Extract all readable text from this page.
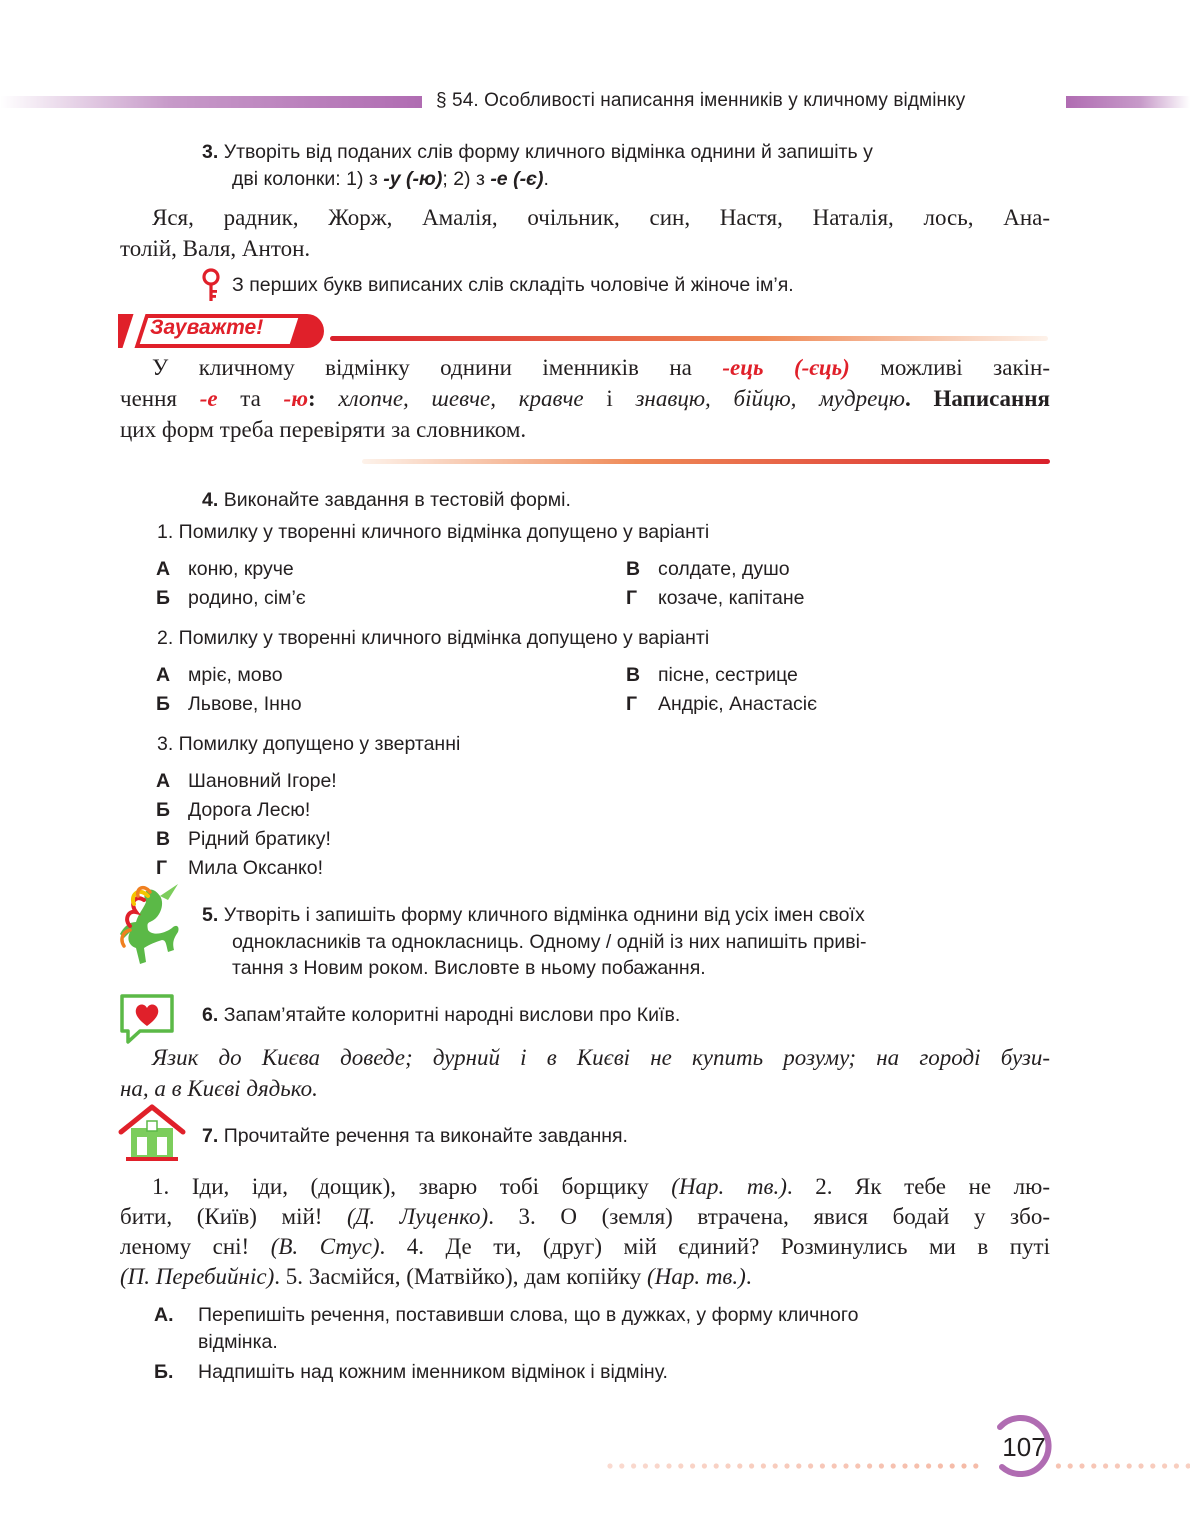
§ 54. Особливості написання іменників у кличному відмінку
3. Утворіть від поданих слів форму кличного відмінка однини й запишіть у
дві колонки: 1) з -у (-ю); 2) з -е (-є).
Яся, радник, Жорж, Амалія, очільник, син, Настя, Наталія, лось, Ана-
толій, Валя, Антон.
З перших букв виписаних слів складіть чоловіче й жіноче ім’я.
Зауважте!
У кличному відмінку однини іменників на -ець (-єць) можливі закін-
чення -е та -ю: хлопче, шевче, кравче і знавцю, бійцю, мудрецю. Написання
цих форм треба перевіряти за словником.
4. Виконайте завдання в тестовій формі.
1. Помилку у творенні кличного відмінка допущено у варіанті
А коню, круче
Б родино, сім’є
В солдате, душо
Г козаче, капітане
2. Помилку у творенні кличного відмінка допущено у варіанті
А мріє, мово
Б Львове, Інно
В пісне, сестрице
Г Андріє, Анастасіє
3. Помилку допущено у звертанні
А Шановний Ігоре!
Б Дорога Лесю!
В Рідний братику!
Г Мила Оксанко!
5. Утворіть і запишіть форму кличного відмінка однини від усіх імен своїх
однокласників та однокласниць. Одному / одній із них напишіть приві-
тання з Новим роком. Висловте в ньому побажання.
6. Запам’ятайте колоритні народні вислови про Київ.
Язик до Києва доведе; дурний і в Києві не купить розуму; на городі бузи-
на, а в Києві дядько.
7. Прочитайте речення та виконайте завдання.
1. Іди, іди, (дощик), зварю тобі борщику (Нар. тв.). 2. Як тебе не лю-
бити, (Київ) мій! (Д. Луценко). 3. О (земля) втрачена, явися бодай у збо-
леному сні! (В. Стус). 4. Де ти, (друг) мій єдиний? Розминулись ми в путі
(П. Перебийніс). 5. Засмійся, (Матвійко), дам копійку (Нар. тв.).
А. Перепишіть речення, поставивши слова, що в дужках, у форму кличного
відмінка.
Б. Надпишіть над кожним іменником відмінок і відміну.
107
